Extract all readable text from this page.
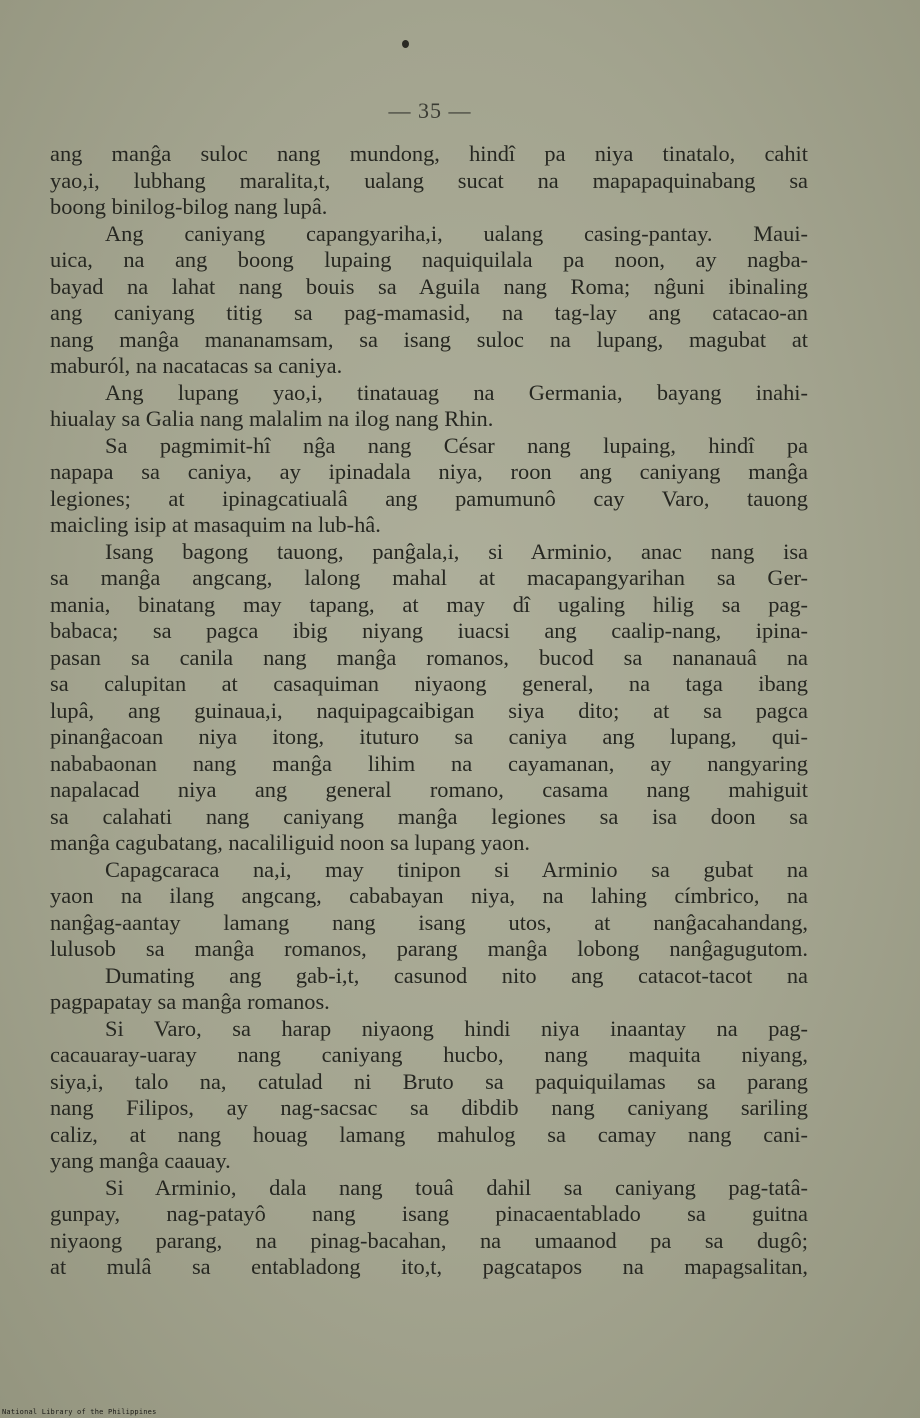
— 35 —
ang manĝa suloc nang mundong, hindî pa niya tinatalo, cahit
yao,i, lubhang maralita,t, ualang sucat na mapapaquinabang sa
boong binilog-bilog nang lupâ.
Ang caniyang capangyariha,i, ualang casing-pantay. Maui-
uica, na ang boong lupaing naquiquilala pa noon, ay nagba-
bayad na lahat nang bouis sa Aguila nang Roma; nĝuni ibinaling
ang caniyang titig sa pag-mamasid, na tag-lay ang catacao-an
nang manĝa mananamsam, sa isang suloc na lupang, magubat at
maburól, na nacatacas sa caniya.
Ang lupang yao,i, tinatauag na Germania, bayang inahi-
hiualay sa Galia nang malalim na ilog nang Rhin.
Sa pagmimit-hî nĝa nang César nang lupaing, hindî pa
napapa sa caniya, ay ipinadala niya, roon ang caniyang manĝa
legiones; at ipinagcatiualâ ang pamumunô cay Varo, tauong
maicling isip at masaquim na lub-hâ.
Isang bagong tauong, panĝala,i, si Arminio, anac nang isa
sa manĝa angcang, lalong mahal at macapangyarihan sa Ger-
mania, binatang may tapang, at may dî ugaling hilig sa pag-
babaca; sa pagca ibig niyang iuacsi ang caalip-nang, ipina-
pasan sa canila nang manĝa romanos, bucod sa nananauâ na
sa calupitan at casaquiman niyaong general, na taga ibang
lupâ, ang guinaua,i, naquipagcaibigan siya dito; at sa pagca
pinanĝacoan niya itong, ituturo sa caniya ang lupang, qui-
nababaonan nang manĝa lihim na cayamanan, ay nangyaring
napalacad niya ang general romano, casama nang mahiguit
sa calahati nang caniyang manĝa legiones sa isa doon sa
manĝa cagubatang, nacaliliguid noon sa lupang yaon.
Capagcaraca na,i, may tinipon si Arminio sa gubat na
yaon na ilang angcang, cababayan niya, na lahing címbrico, na
nanĝag-aantay lamang nang isang utos, at nanĝacahandang,
lulusob sa manĝa romanos, parang manĝa lobong nanĝagugutom.
Dumating ang gab-i,t, casunod nito ang catacot-tacot na
pagpapatay sa manĝa romanos.
Si Varo, sa harap niyaong hindi niya inaantay na pag-
cacauaray-uaray nang caniyang hucbo, nang maquita niyang,
siya,i, talo na, catulad ni Bruto sa paquiquilamas sa parang
nang Filipos, ay nag-sacsac sa dibdib nang caniyang sariling
caliz, at nang houag lamang mahulog sa camay nang cani-
yang manĝa caauay.
Si Arminio, dala nang touâ dahil sa caniyang pag-tatâ-
gunpay, nag-patayô nang isang pinacaentablado sa guitna
niyaong parang, na pinag-bacahan, na umaanod pa sa dugô;
at mulâ sa entabladong ito,t, pagcatapos na mapagsalitan,
National Library of the Philippines
